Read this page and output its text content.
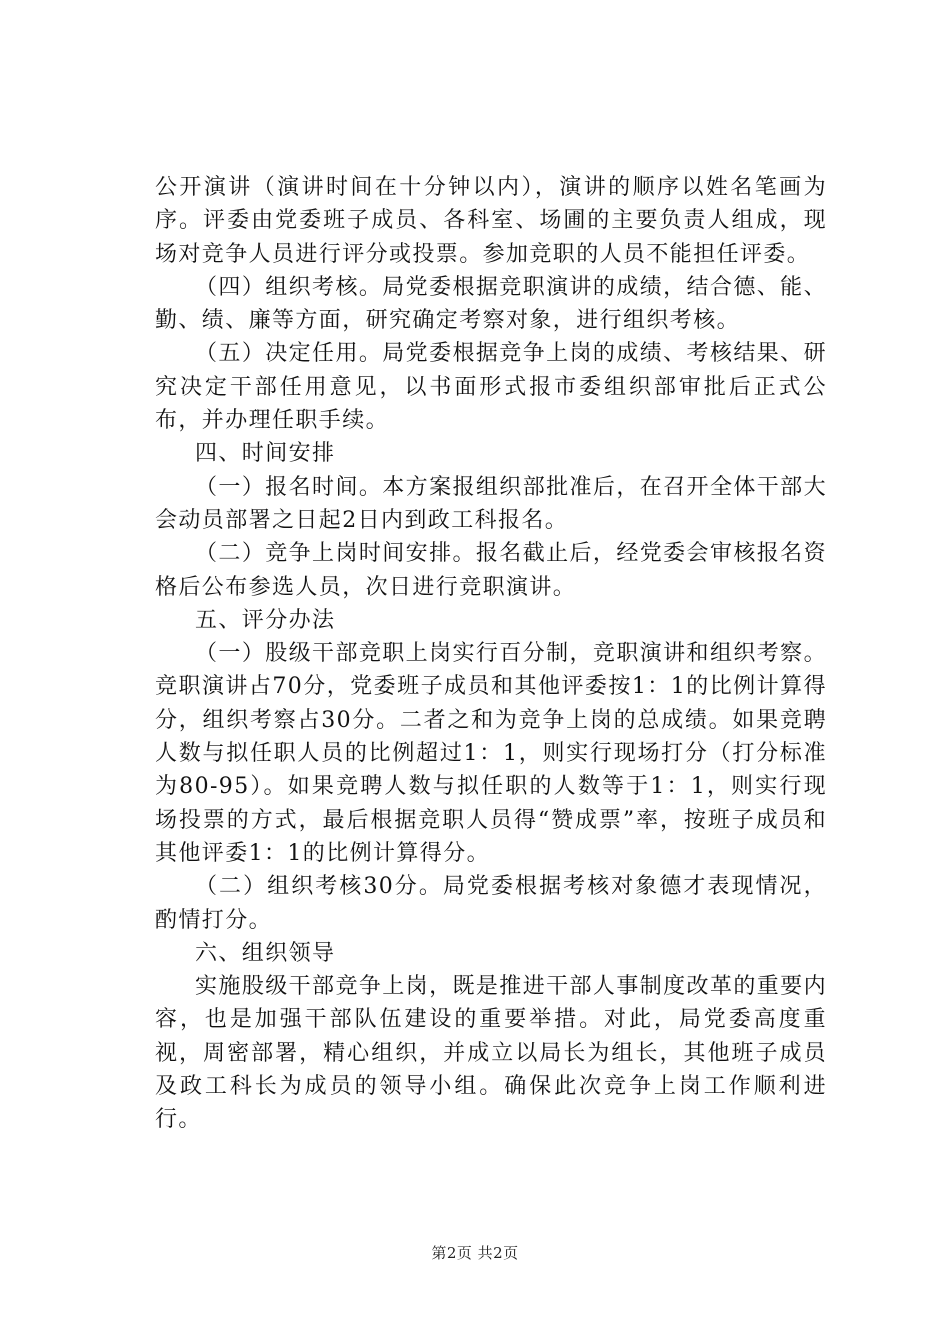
公开演讲（演讲时间在十分钟以内），演讲的顺序以姓名笔画为序。评委由党委班子成员、各科室、场圃的主要负责人组成，现场对竞争人员进行评分或投票。参加竞职的人员不能担任评委。

（四）组织考核。局党委根据竞职演讲的成绩，结合德、能、勤、绩、廉等方面，研究确定考察对象，进行组织考核。

（五）决定任用。局党委根据竞争上岗的成绩、考核结果、研究决定干部任用意见，以书面形式报市委组织部审批后正式公布，并办理任职手续。

四、时间安排

（一）报名时间。本方案报组织部批准后，在召开全体干部大会动员部署之日起2日内到政工科报名。

（二）竞争上岗时间安排。报名截止后，经党委会审核报名资格后公布参选人员，次日进行竞职演讲。

五、评分办法

（一）股级干部竞职上岗实行百分制，竞职演讲和组织考察。竞职演讲占70分，党委班子成员和其他评委按1：1的比例计算得分，组织考察占30分。二者之和为竞争上岗的总成绩。如果竞聘人数与拟任职人员的比例超过1：1，则实行现场打分（打分标准为80-95）。如果竞聘人数与拟任职的人数等于1：1，则实行现场投票的方式，最后根据竞职人员得“赞成票”率，按班子成员和其他评委1：1的比例计算得分。

（二）组织考核30分。局党委根据考核对象德才表现情况，酌情打分。

六、组织领导

实施股级干部竞争上岗，既是推进干部人事制度改革的重要内容，也是加强干部队伍建设的重要举措。对此，局党委高度重视，周密部署，精心组织，并成立以局长为组长，其他班子成员及政工科长为成员的领导小组。确保此次竞争上岗工作顺利进行。

第2页 共2页
